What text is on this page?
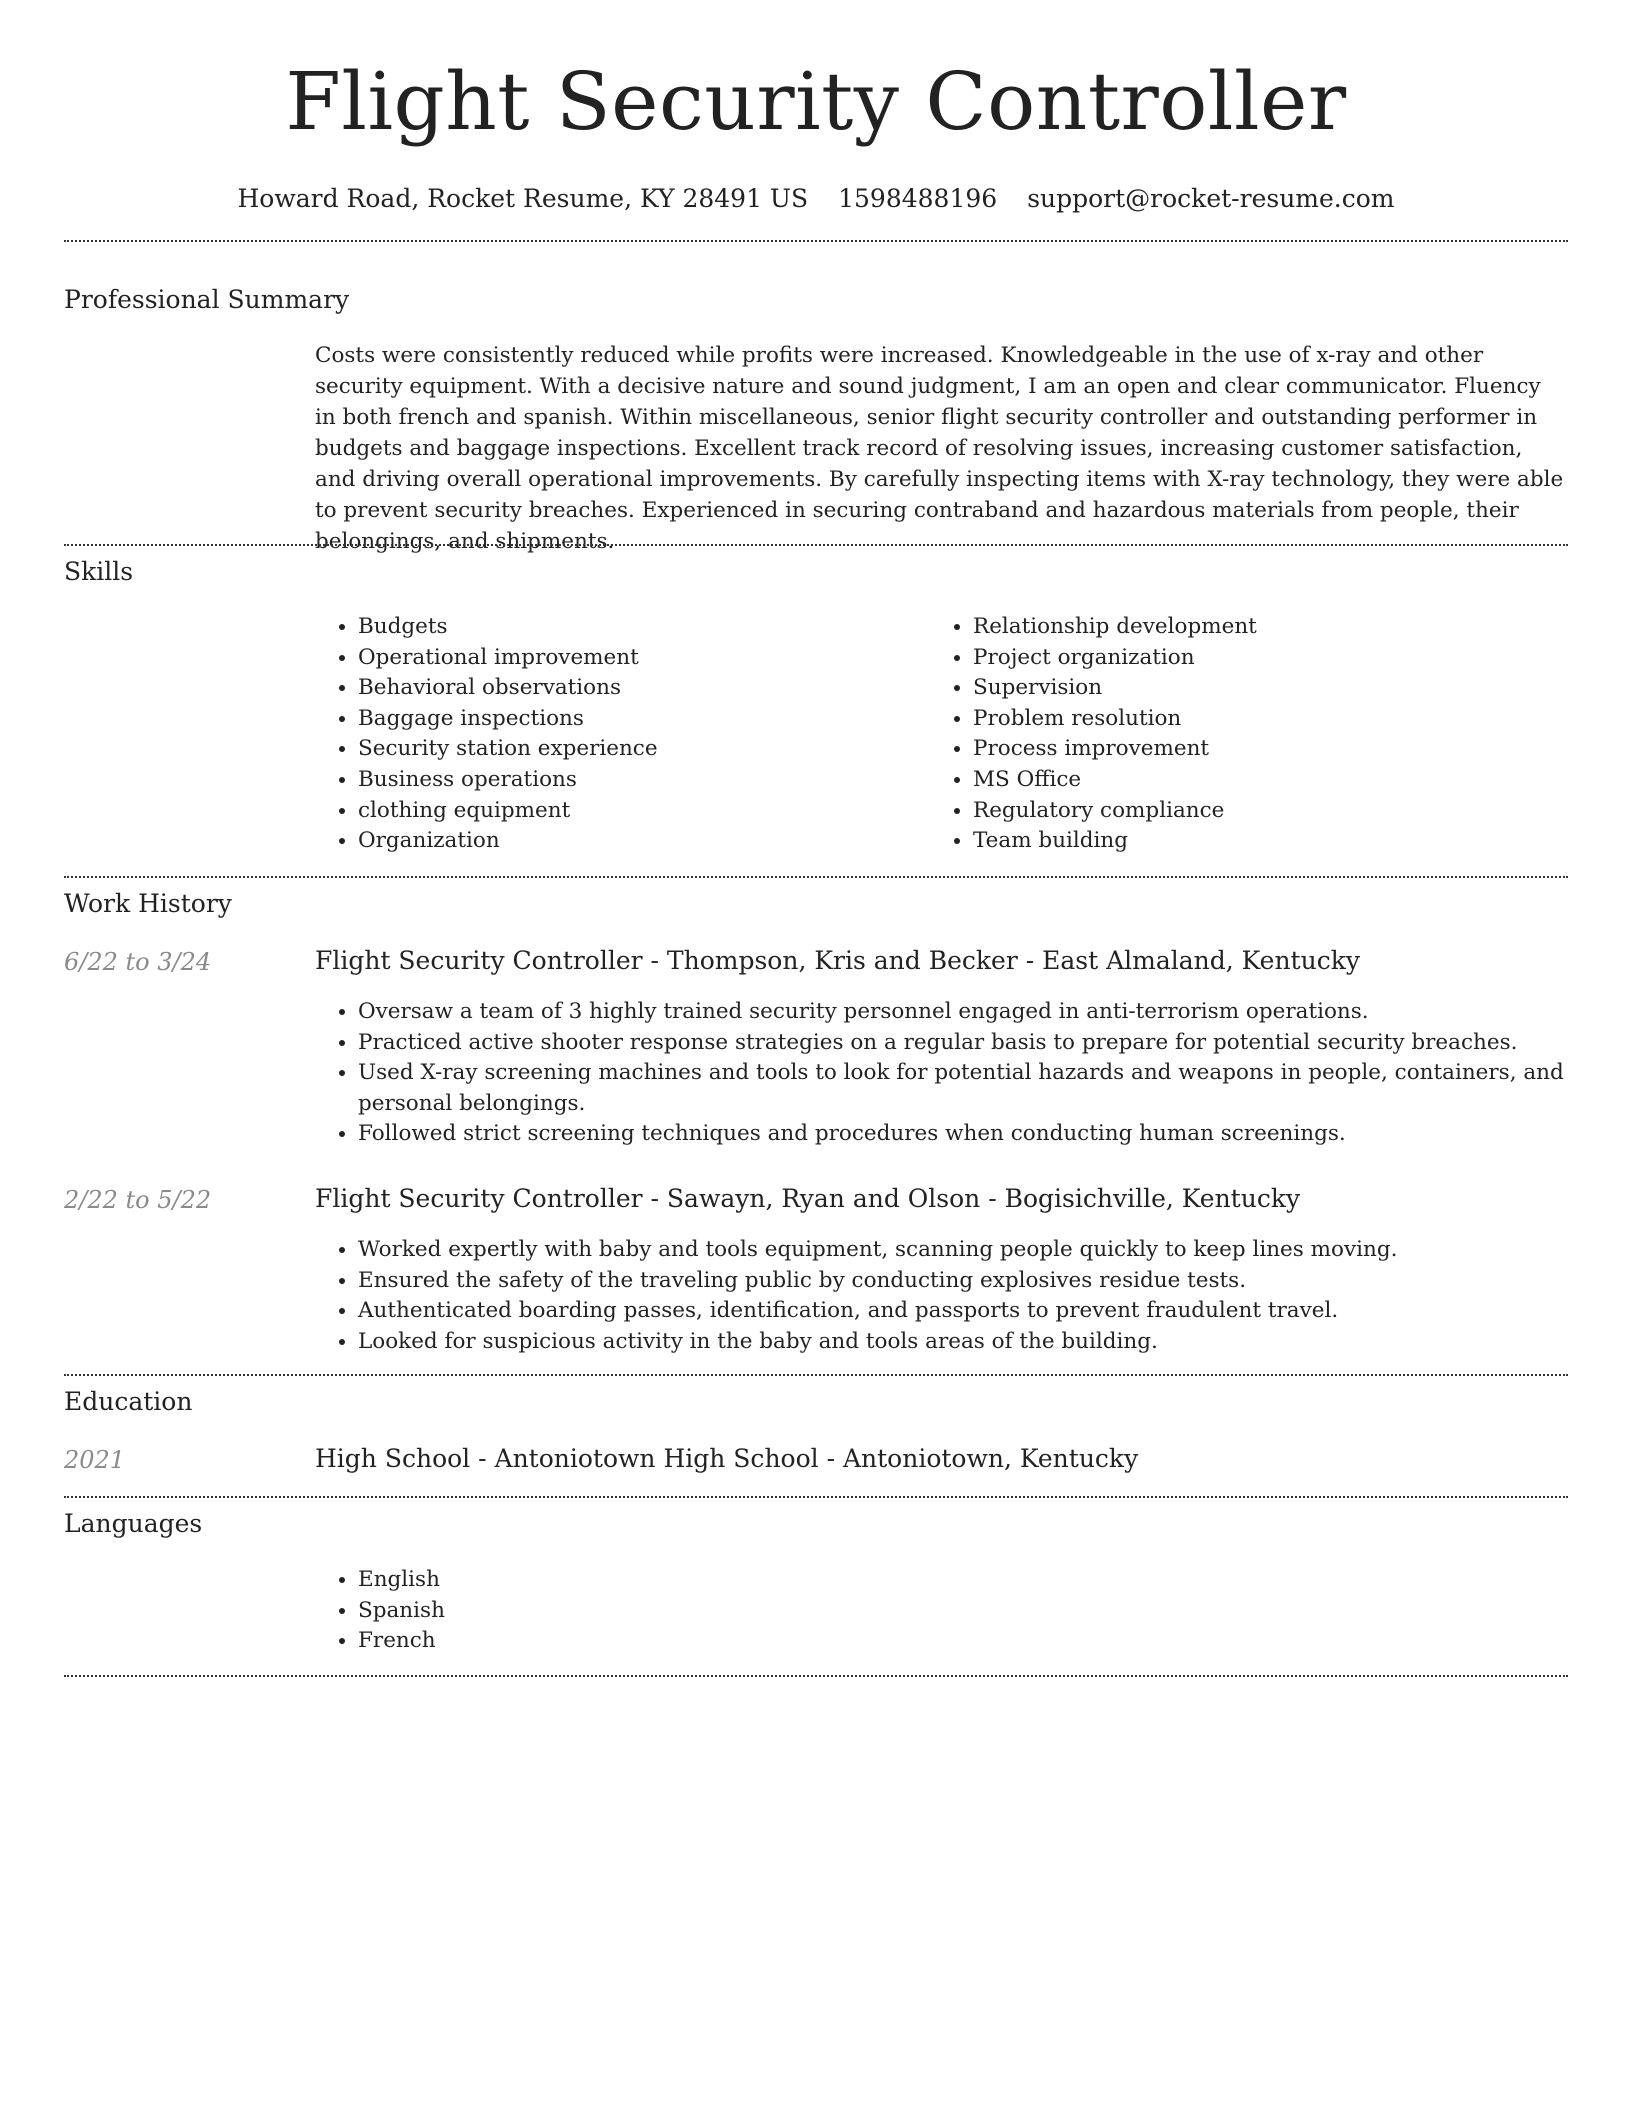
Flight Security Controller
Howard Road, Rocket Resume, KY 28491 US 1598488196 support@rocket-resume.com
Professional Summary

Costs were consistently reduced while profits were increased. Knowledgeable in the use of x-ray and other security equipment. With a decisive nature and sound judgment, I am an open and clear communicator. Fluency in both french and spanish. Within miscellaneous, senior flight security controller and outstanding performer in budgets and baggage inspections. Excellent track record of resolving issues, increasing customer satisfaction, and driving overall operational improvements. By carefully inspecting items with X-ray technology, they were able to prevent security breaches. Experienced in securing contraband and hazardous materials from people, their belongings, and shipments.

Skills
• Budgets
• Operational improvement
• Behavioral observations
• Baggage inspections
• Security station experience
• Business operations
• clothing equipment
• Organization
• Relationship development
• Project organization
• Supervision
• Problem resolution
• Process improvement
• MS Office
• Regulatory compliance
• Team building
Work History
6/22 to 3/24	Flight Security Controller - Thompson, Kris and Becker - East Almaland, Kentucky
• Oversaw a team of 3 highly trained security personnel engaged in anti-terrorism operations.
• Practiced active shooter response strategies on a regular basis to prepare for potential security breaches.
• Used X-ray screening machines and tools to look for potential hazards and weapons in people, containers, and personal belongings.
• Followed strict screening techniques and procedures when conducting human screenings.
2/22 to 5/22	Flight Security Controller - Sawayn, Ryan and Olson - Bogisichville, Kentucky
• Worked expertly with baby and tools equipment, scanning people quickly to keep lines moving.
• Ensured the safety of the traveling public by conducting explosives residue tests.
• Authenticated boarding passes, identification, and passports to prevent fraudulent travel.
• Looked for suspicious activity in the baby and tools areas of the building.
Education
2021	High School - Antoniotown High School - Antoniotown, Kentucky
Languages
• English
• Spanish
• French
